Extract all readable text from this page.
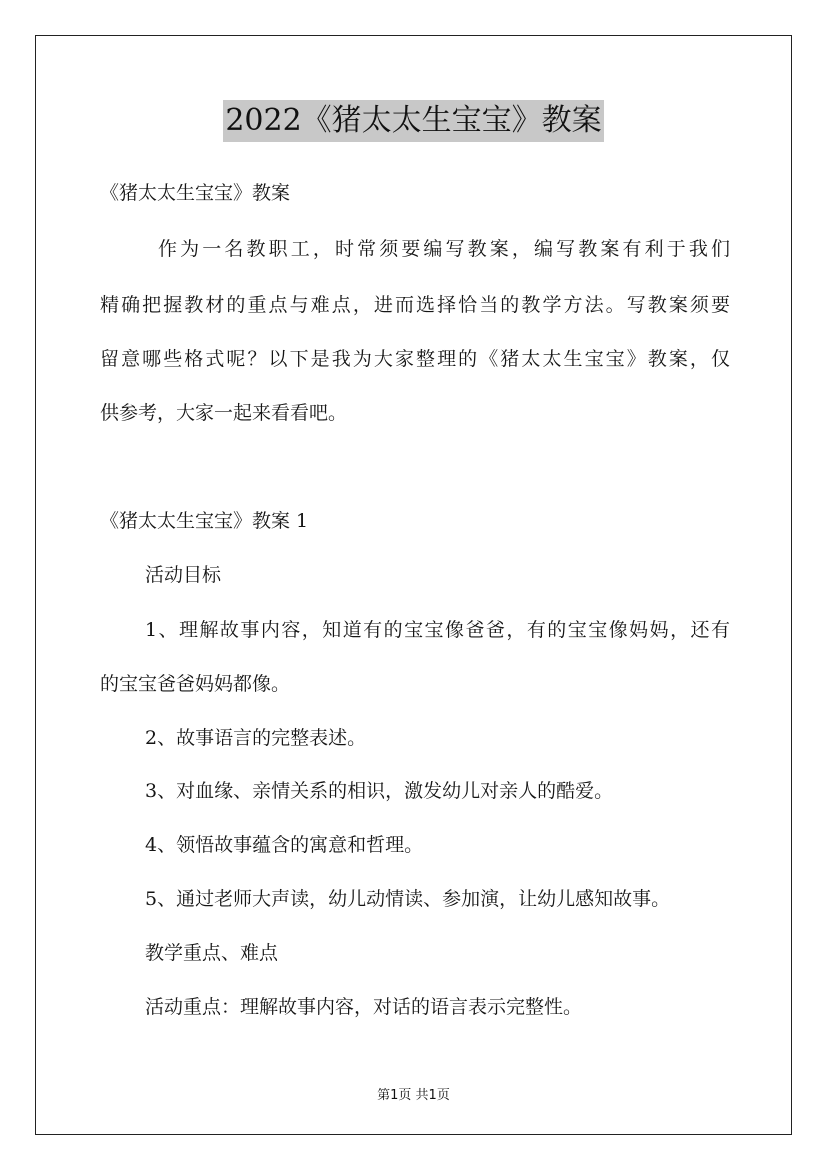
2022《猪太太生宝宝》教案
《猪太太生宝宝》教案
作为一名教职工，时常须要编写教案，编写教案有利于我们
精确把握教材的重点与难点，进而选择恰当的教学方法。写教案须要
留意哪些格式呢？以下是我为大家整理的《猪太太生宝宝》教案，仅
供参考，大家一起来看看吧。
《猪太太生宝宝》教案 1
活动目标
1、理解故事内容，知道有的宝宝像爸爸，有的宝宝像妈妈，还有
的宝宝爸爸妈妈都像。
2、故事语言的完整表述。
3、对血缘、亲情关系的相识，激发幼儿对亲人的酷爱。
4、领悟故事蕴含的寓意和哲理。
5、通过老师大声读，幼儿动情读、参加演，让幼儿感知故事。
教学重点、难点
活动重点：理解故事内容，对话的语言表示完整性。
第1页 共1页
